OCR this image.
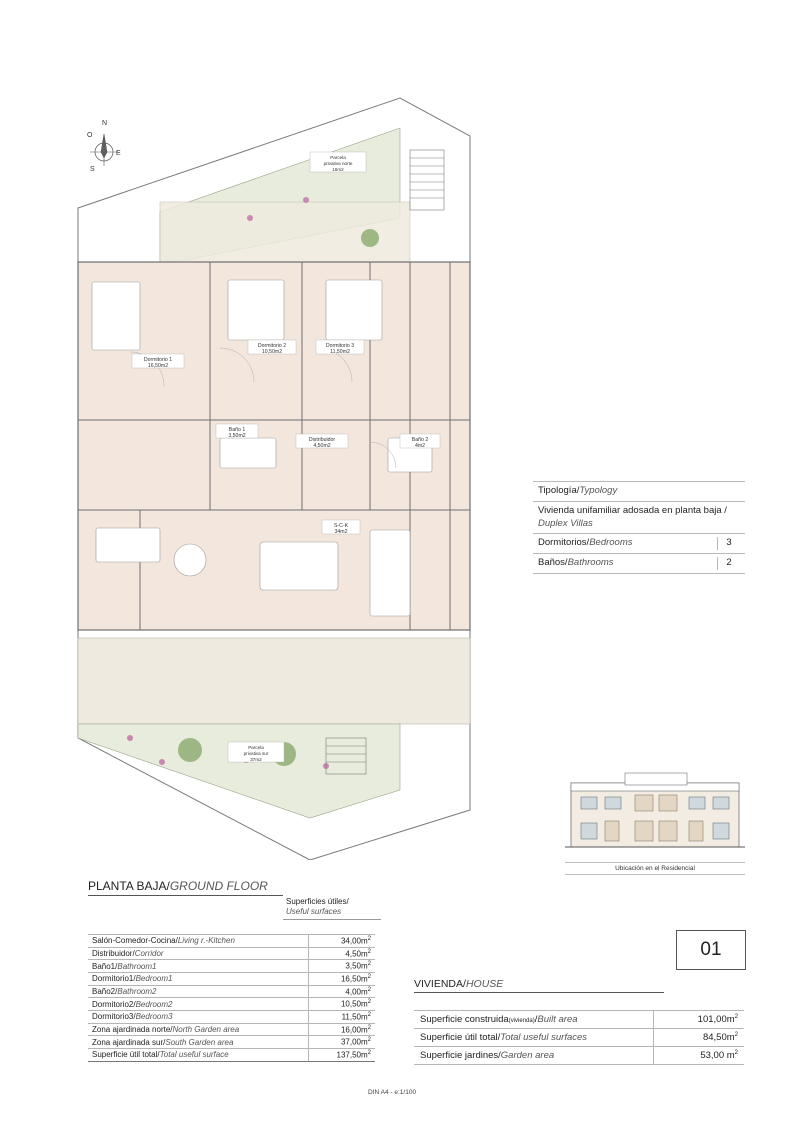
N
O
E
S
Parcela
privativa norte
16m2
Dormitorio 1
16,50m2
Dormitorio 2
10,50m2
Dormitorio 3
11,50m2
Baño 1
3,50m2
Baño 2
4m2
Distribuidor
4,50m2
S-C-K
34m2
Parcela
privativa sur
37m2
Tipología/Typology
Vivienda unifamiliar adosada en planta baja / Duplex Villas
Dormitorios/Bedrooms	3
Baños/Bathrooms	2
Ubicación en el Residencial
PLANTA BAJA/GROUND FLOOR
Superficies útiles/
Useful surfaces
Salón-Comedor-Cocina/Living r.-Kitchen	$34,00m^2$
Distribuidor/Corridor	$4,50m^2$
Baño1/Bathroom1	$3,50m^2$
Dormitorio1/Bedroom1	$16,50m^2$
Baño2/Bathroom2	$4,00m^2$
Dormitorio2/Bedroom2	$10,50m^2$
Dormitorio3/Bedroom3	$11,50m^2$
Zona ajardinada norte/North Garden area	$16,00m^2$
Zona ajardinada sur/South Garden area	$37,00m^2$
Superficie útil total/Total useful surface	$137,50m^2$
01
VIVIENDA/HOUSE
Superficie construida(vivienda)/Built area	$101,00m^2$
Superficie útil total/Total useful surfaces	$84,50m^2$
Superficie jardines/Garden area	53,00 $m^2$
DIN A4 - e:1/100
